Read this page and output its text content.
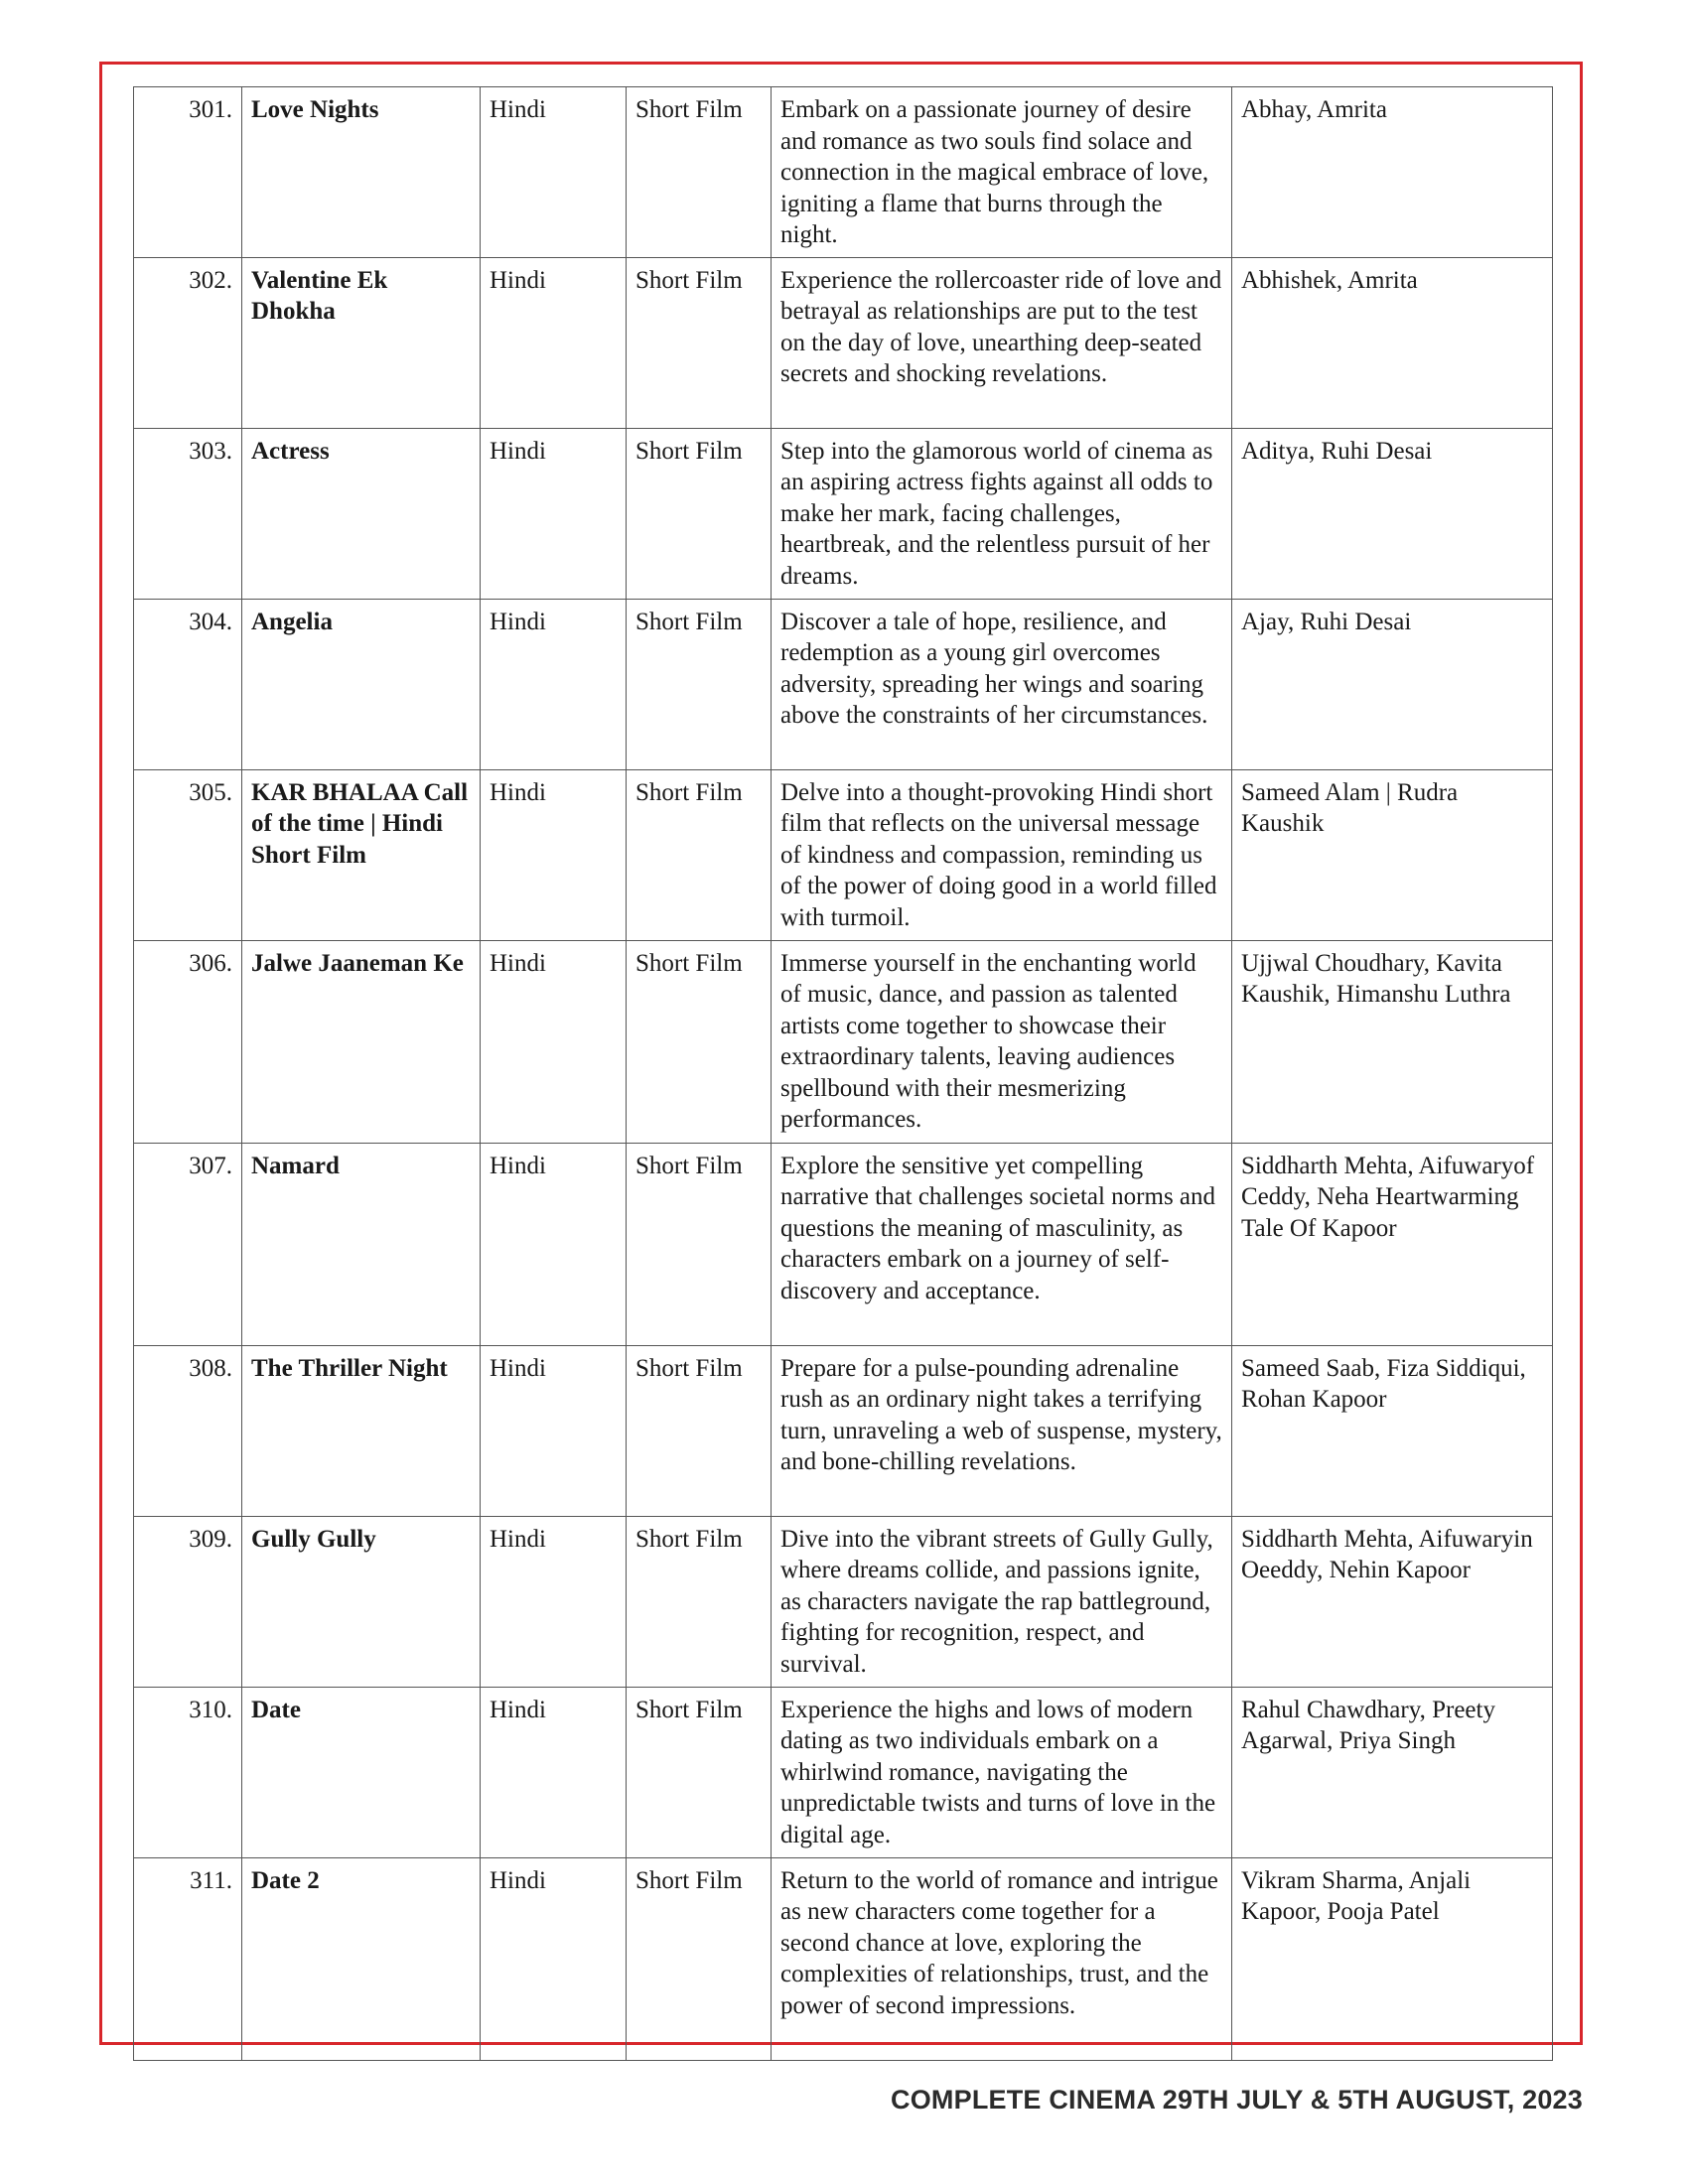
301.	Love Nights	Hindi	Short Film	Embark on a passionate journey of desire and romance as two souls find solace and connection in the magical embrace of love, igniting a flame that burns through the night.	Abhay, Amrita
302.	Valentine Ek Dhokha	Hindi	Short Film	Experience the rollercoaster ride of love and betrayal as relationships are put to the test on the day of love, unearthing deep-seated secrets and shocking revelations.	Abhishek, Amrita
303.	Actress	Hindi	Short Film	Step into the glamorous world of cinema as an aspiring actress fights against all odds to make her mark, facing challenges, heartbreak, and the relentless pursuit of her dreams.	Aditya, Ruhi Desai
304.	Angelia	Hindi	Short Film	Discover a tale of hope, resilience, and redemption as a young girl overcomes adversity, spreading her wings and soaring above the constraints of her circumstances.	Ajay, Ruhi Desai
305.	KAR BHALAA Call of the time | Hindi Short Film	Hindi	Short Film	Delve into a thought-provoking Hindi short film that reflects on the universal message of kindness and compassion, reminding us of the power of doing good in a world filled with turmoil.	Sameed Alam | Rudra Kaushik
306.	Jalwe Jaaneman Ke	Hindi	Short Film	Immerse yourself in the enchanting world of music, dance, and passion as talented artists come together to showcase their extraordinary talents, leaving audiences spellbound with their mesmerizing performances.	Ujjwal Choudhary, Kavita Kaushik, Himanshu Luthra
307.	Namard	Hindi	Short Film	Explore the sensitive yet compelling narrative that challenges societal norms and questions the meaning of masculinity, as characters embark on a journey of self-discovery and acceptance.	Siddharth Mehta, Aifuwaryof Ceddy, Neha Heartwarming Tale Of Kapoor
308.	The Thriller Night	Hindi	Short Film	Prepare for a pulse-pounding adrenaline rush as an ordinary night takes a terrifying turn, unraveling a web of suspense, mystery, and bone-chilling revelations.	Sameed Saab, Fiza Siddiqui, Rohan Kapoor
309.	Gully Gully	Hindi	Short Film	Dive into the vibrant streets of Gully Gully, where dreams collide, and passions ignite, as characters navigate the rap battleground, fighting for recognition, respect, and survival.	Siddharth Mehta, Aifuwaryin Oeeddy, Nehin Kapoor
310.	Date	Hindi	Short Film	Experience the highs and lows of modern dating as two individuals embark on a whirlwind romance, navigating the unpredictable twists and turns of love in the digital age.	Rahul Chawdhary, Preety Agarwal, Priya Singh
311.	Date 2	Hindi	Short Film	Return to the world of romance and intrigue as new characters come together for a second chance at love, exploring the complexities of relationships, trust, and the power of second impressions.	Vikram Sharma, Anjali Kapoor, Pooja Patel
COMPLETE CINEMA 29TH JULY & 5TH AUGUST, 2023
